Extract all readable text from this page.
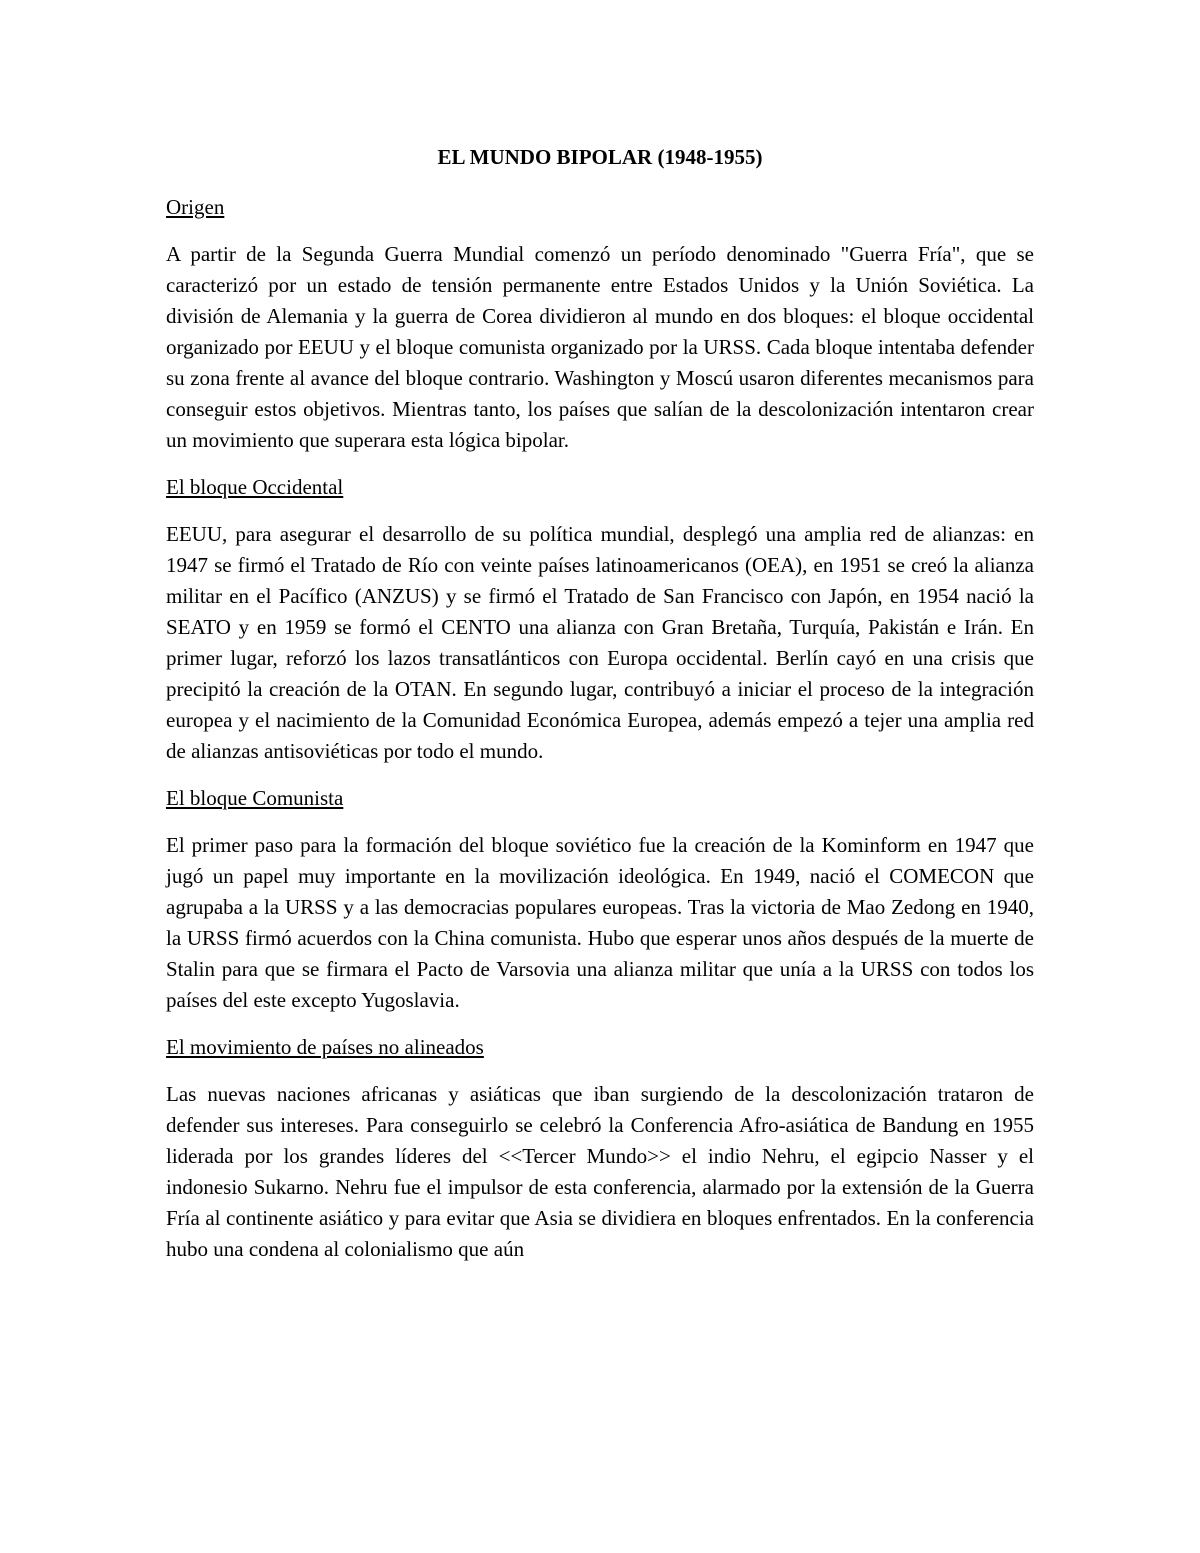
EL MUNDO BIPOLAR (1948-1955)
Origen

A partir de la Segunda Guerra Mundial comenzó un período denominado "Guerra Fría", que se caracterizó por un estado de tensión permanente entre Estados Unidos y la Unión Soviética. La división de Alemania y la guerra de Corea dividieron al mundo en dos bloques: el bloque occidental organizado por EEUU y el bloque comunista organizado por la URSS. Cada bloque intentaba defender su zona frente al avance del bloque contrario. Washington y Moscú usaron diferentes mecanismos para conseguir estos objetivos. Mientras tanto, los países que salían de la descolonización intentaron crear un movimiento que superara esta lógica bipolar.

El bloque Occidental

EEUU, para asegurar el desarrollo de su política mundial, desplegó una amplia red de alianzas: en 1947 se firmó el Tratado de Río con veinte países latinoamericanos (OEA), en 1951 se creó la alianza militar en el Pacífico (ANZUS) y se firmó el Tratado de San Francisco con Japón, en 1954 nació la SEATO y en 1959 se formó el CENTO una alianza con Gran Bretaña, Turquía, Pakistán e Irán. En primer lugar, reforzó los lazos transatlánticos con Europa occidental. Berlín cayó en una crisis que precipitó la creación de la OTAN. En segundo lugar, contribuyó a iniciar el proceso de la integración europea y el nacimiento de la Comunidad Económica Europea, además empezó a tejer una amplia red de alianzas antisoviéticas por todo el mundo.

El bloque Comunista

El primer paso para la formación del bloque soviético fue la creación de la Kominform en 1947 que jugó un papel muy importante en la movilización ideológica. En 1949, nació el COMECON que agrupaba a la URSS y a las democracias populares europeas. Tras la victoria de Mao Zedong en 1940, la URSS firmó acuerdos con la China comunista. Hubo que esperar unos años después de la muerte de Stalin para que se firmara el Pacto de Varsovia una alianza militar que unía a la URSS con todos los países del este excepto Yugoslavia.

El movimiento de países no alineados

Las nuevas naciones africanas y asiáticas que iban surgiendo de la descolonización trataron de defender sus intereses. Para conseguirlo se celebró la Conferencia Afro-asiática de Bandung en 1955 liderada por los grandes líderes del <<Tercer Mundo>> el indio Nehru, el egipcio Nasser y el indonesio Sukarno. Nehru fue el impulsor de esta conferencia, alarmado por la extensión de la Guerra Fría al continente asiático y para evitar que Asia se dividiera en bloques enfrentados. En la conferencia hubo una condena al colonialismo que aún
